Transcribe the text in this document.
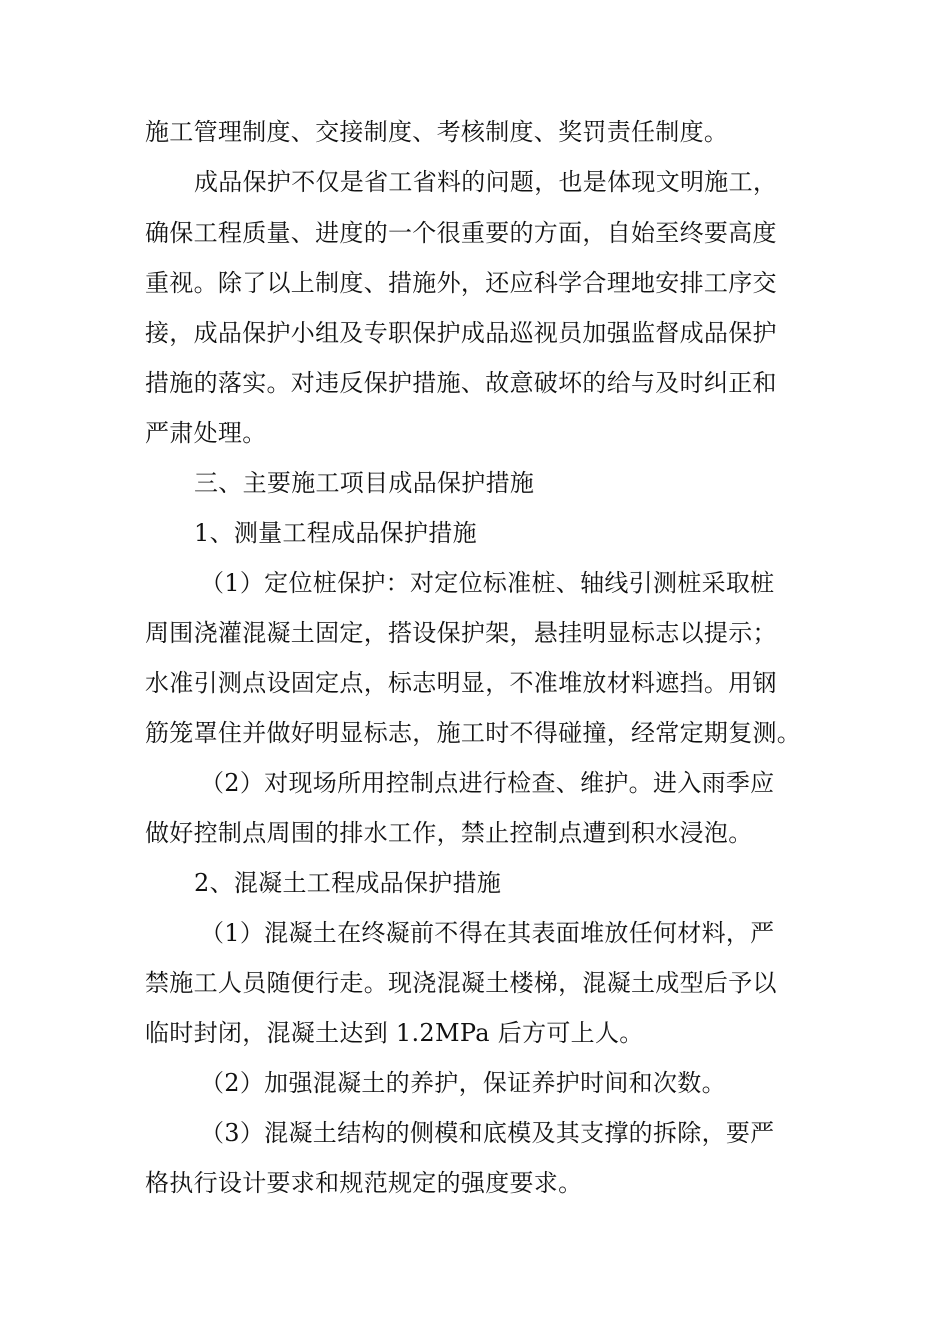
施工管理制度、交接制度、考核制度、奖罚责任制度。
成品保护不仅是省工省料的问题，也是体现文明施工，
确保工程质量、进度的一个很重要的方面，自始至终要高度
重视。除了以上制度、措施外，还应科学合理地安排工序交
接，成品保护小组及专职保护成品巡视员加强监督成品保护
措施的落实。对违反保护措施、故意破坏的给与及时纠正和
严肃处理。
三、主要施工项目成品保护措施
1、测量工程成品保护措施
（1）定位桩保护：对定位标准桩、轴线引测桩采取桩
周围浇灌混凝土固定，搭设保护架，悬挂明显标志以提示；
水准引测点设固定点，标志明显，不准堆放材料遮挡。用钢
筋笼罩住并做好明显标志，施工时不得碰撞，经常定期复测。
（2）对现场所用控制点进行检查、维护。进入雨季应
做好控制点周围的排水工作，禁止控制点遭到积水浸泡。
2、混凝土工程成品保护措施
（1）混凝土在终凝前不得在其表面堆放任何材料，严
禁施工人员随便行走。现浇混凝土楼梯，混凝土成型后予以
临时封闭，混凝土达到 1.2MPa 后方可上人。
（2）加强混凝土的养护，保证养护时间和次数。
（3）混凝土结构的侧模和底模及其支撑的拆除，要严
格执行设计要求和规范规定的强度要求。
